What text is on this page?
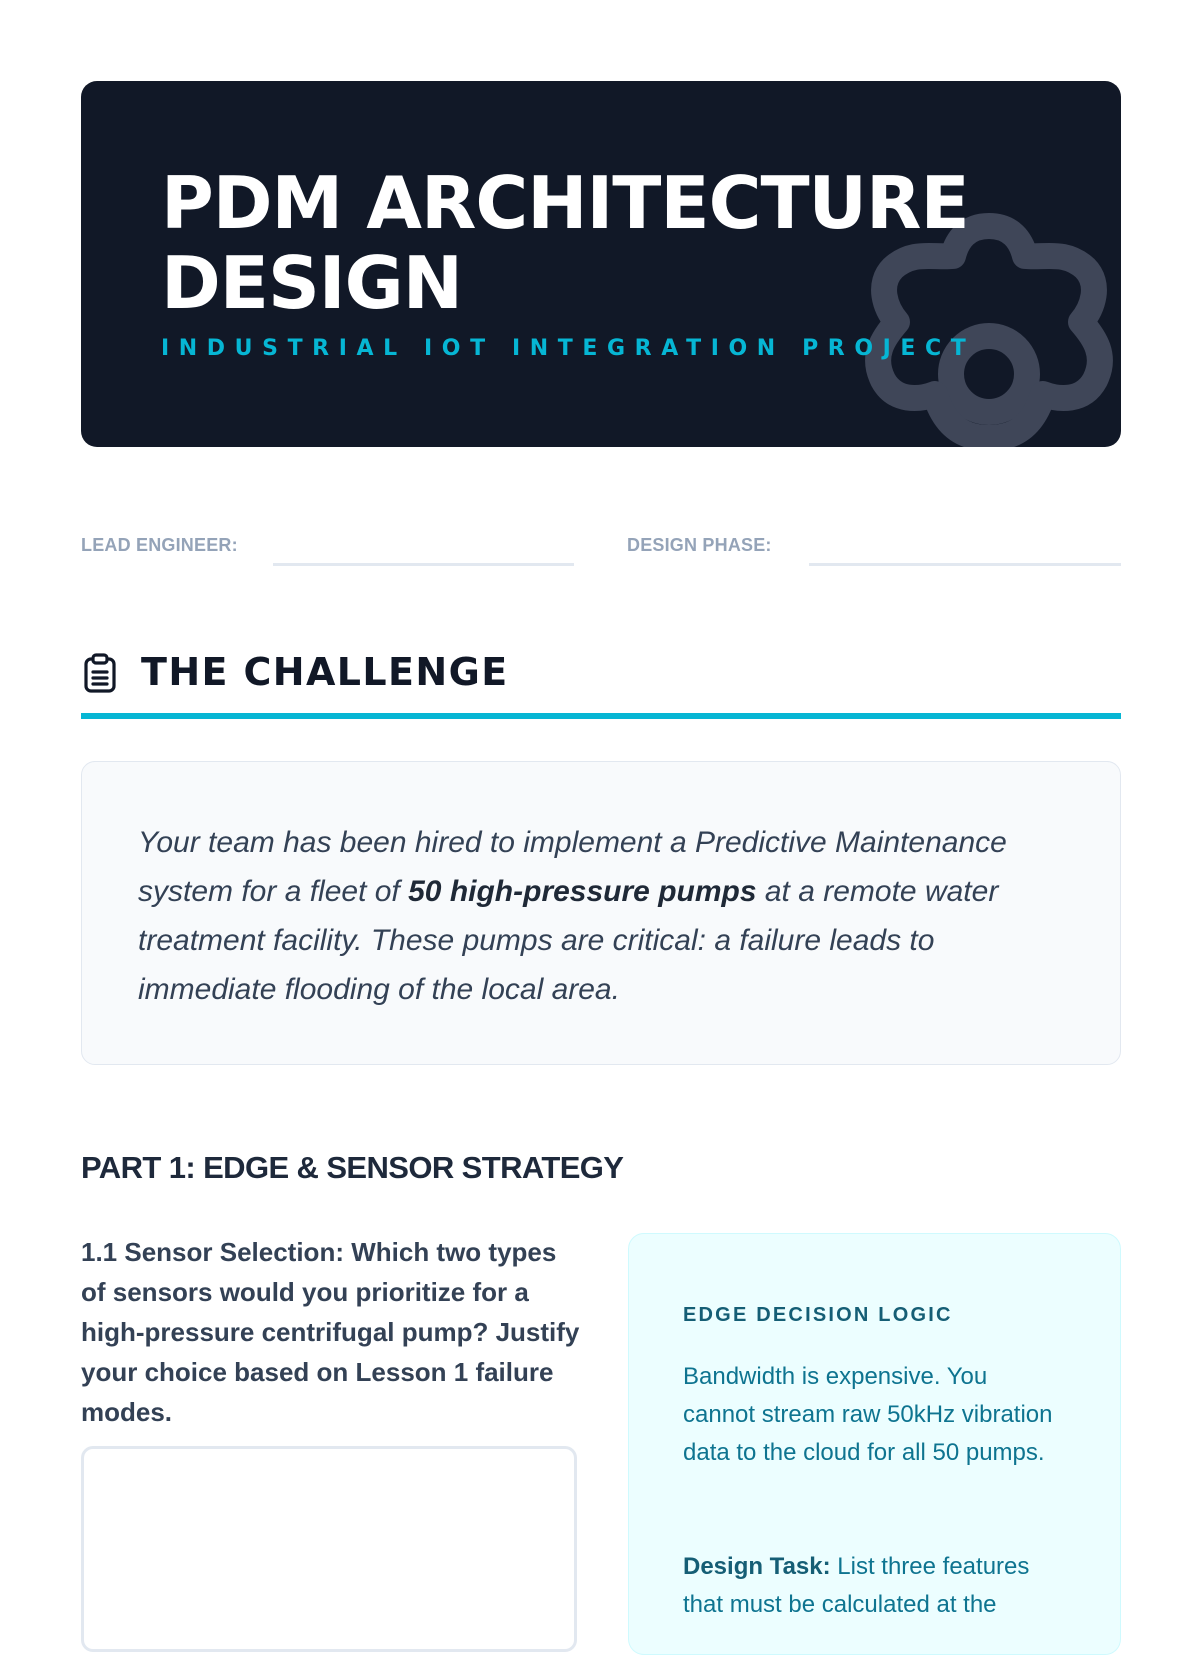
PDM ARCHITECTURE
DESIGN
INDUSTRIAL IOT INTEGRATION PROJECT
LEAD ENGINEER:	DESIGN PHASE:
THE CHALLENGE

Your team has been hired to implement a Predictive Maintenance system for a fleet of 50 high-pressure pumps at a remote water treatment facility. These pumps are critical: a failure leads to immediate flooding of the local area.

PART 1: EDGE & SENSOR STRATEGY

1.1 Sensor Selection: Which two types of sensors would you prioritize for a high-pressure centrifugal pump? Justify your choice based on Lesson 1 failure modes.

EDGE DECISION LOGIC

Bandwidth is expensive. You cannot stream raw 50kHz vibration data to the cloud for all 50 pumps.

Design Task: List three features that must be calculated at the
